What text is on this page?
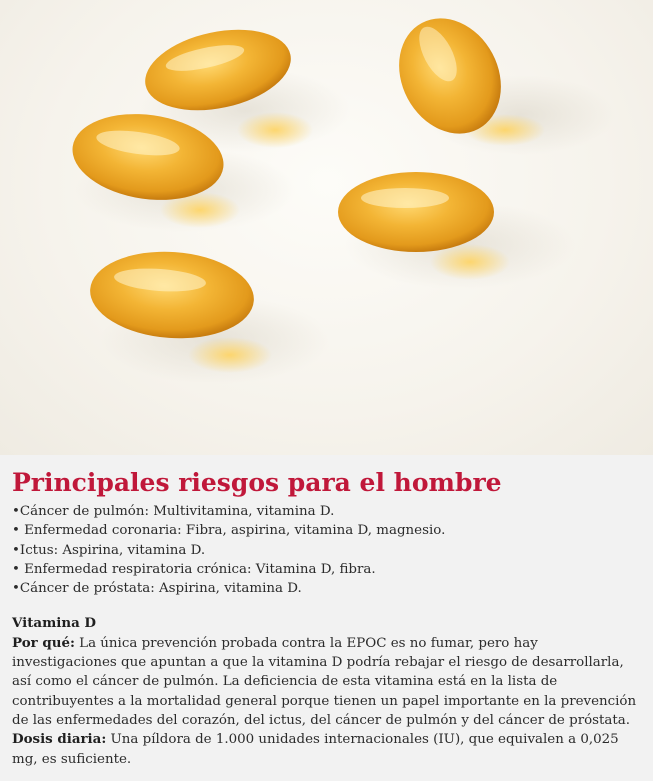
Principales riesgos para el hombre
•Cáncer de pulmón: Multivitamina, vitamina D.
• Enfermedad coronaria: Fibra, aspirina, vitamina D, magnesio.
•Ictus: Aspirina, vitamina D.
• Enfermedad respiratoria crónica: Vitamina D, fibra.
•Cáncer de próstata: Aspirina, vitamina D.
Vitamina D

Por qué: La única prevención probada contra la EPOC es no fumar, pero hay investigaciones que apuntan a que la vitamina D podría rebajar el riesgo de desarrollarla, así como el cáncer de pulmón. La deficiencia de esta vitamina está en la lista de contribuyentes a la mortalidad general porque tienen un papel importante en la prevención de las enfermedades del corazón, del ictus, del cáncer de pulmón y del cáncer de próstata.

Dosis diaria: Una píldora de 1.000 unidades internacionales (IU), que equivalen a 0,025 mg, es suficiente.
